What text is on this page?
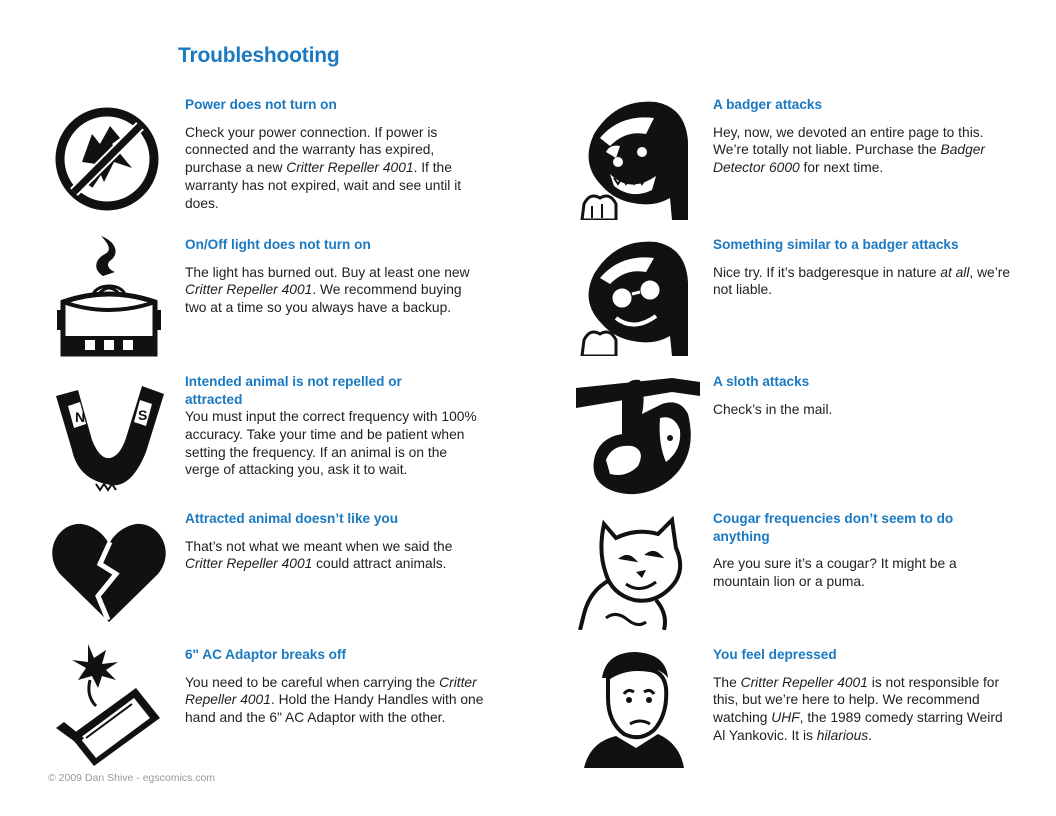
Troubleshooting
Power does not turn on

Check your power connection. If power is connected and the warranty has expired, purchase a new Critter Repeller 4001. If the warranty has not expired, wait and see until it does.

On/Off light does not turn on

The light has burned out. Buy at least one new Critter Repeller 4001. We recommend buying two at a time so you always have a backup.

N	S
Intended animal is not repelled or attracted

You must input the correct frequency with 100% accuracy. Take your time and be patient when setting the frequency. If an animal is on the verge of attacking you, ask it to wait.

Attracted animal doesn’t like you

That’s not what we meant when we said the Critter Repeller 4001 could attract animals.

6" AC Adaptor breaks off

You need to be careful when carrying the Critter Repeller 4001. Hold the Handy Handles with one hand and the 6" AC Adaptor with the other.

A badger attacks

Hey, now, we devoted an entire page to this. We’re totally not liable. Purchase the Badger Detector 6000 for next time.

Something similar to a badger attacks

Nice try. If it’s badgeresque in nature at all, we’re not liable.

A sloth attacks

Check’s in the mail.

Cougar frequencies don’t seem to do anything

Are you sure it’s a cougar? It might be a mountain lion or a puma.

You feel depressed

The Critter Repeller 4001 is not responsible for this, but we’re here to help. We recommend watching UHF, the 1989 comedy starring Weird Al Yankovic. It is hilarious.

© 2009 Dan Shive - egscomics.com
